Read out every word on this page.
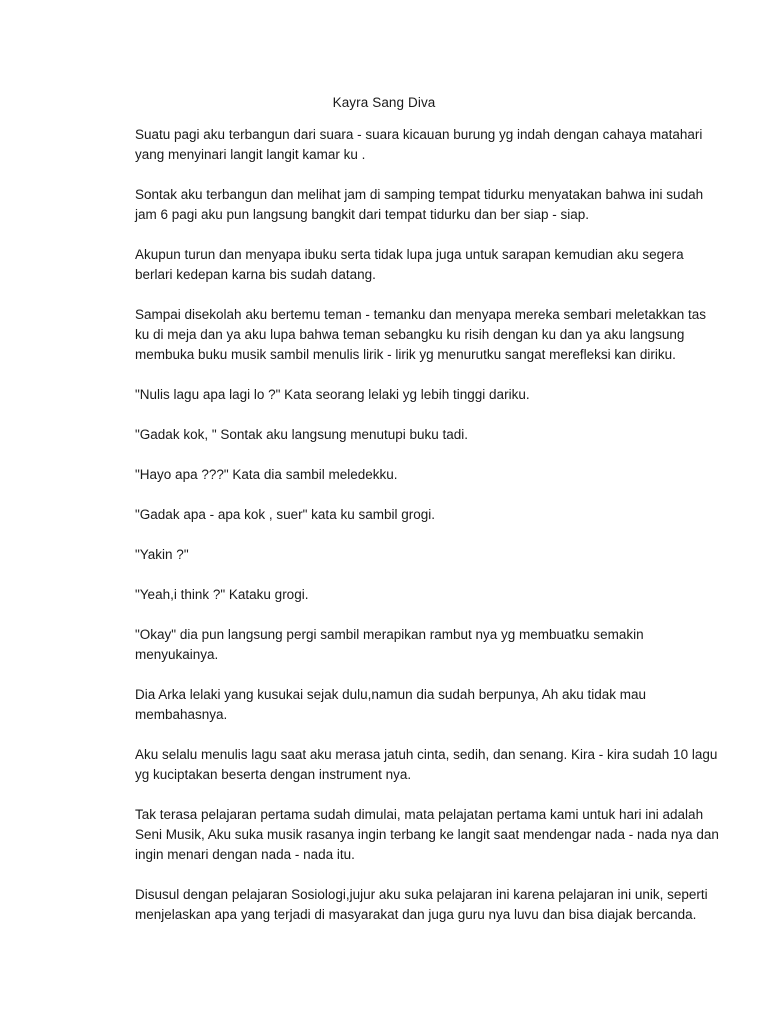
Kayra Sang Diva

Suatu pagi aku terbangun dari suara - suara kicauan burung yg indah dengan cahaya matahari
yang menyinari langit langit kamar ku .

Sontak aku terbangun dan melihat jam di samping tempat tidurku menyatakan bahwa ini sudah
jam 6 pagi aku pun langsung bangkit dari tempat tidurku dan ber siap - siap.

Akupun turun dan menyapa ibuku serta tidak lupa juga untuk sarapan kemudian aku segera
berlari kedepan karna bis sudah datang.

Sampai disekolah aku bertemu teman - temanku dan menyapa mereka sembari meletakkan tas
ku di meja dan ya aku lupa bahwa teman sebangku ku risih dengan ku dan ya aku langsung
membuka buku musik sambil menulis lirik - lirik yg menurutku sangat merefleksi kan diriku.

"Nulis lagu apa lagi lo ?" Kata seorang lelaki yg lebih tinggi dariku.

"Gadak kok, " Sontak aku langsung menutupi buku tadi.

"Hayo apa ???" Kata dia sambil meledekku.

"Gadak apa - apa kok , suer" kata ku sambil grogi.

"Yakin ?"

"Yeah,i think ?" Kataku grogi.

"Okay" dia pun langsung pergi sambil merapikan rambut nya yg membuatku semakin
menyukainya.

Dia Arka lelaki yang kusukai sejak dulu,namun dia sudah berpunya, Ah aku tidak mau
membahasnya.

Aku selalu menulis lagu saat aku merasa jatuh cinta, sedih, dan senang. Kira - kira sudah 10 lagu
yg kuciptakan beserta dengan instrument nya.

Tak terasa pelajaran pertama sudah dimulai, mata pelajatan pertama kami untuk hari ini adalah
Seni Musik, Aku suka musik rasanya ingin terbang ke langit saat mendengar nada - nada nya dan
ingin menari dengan nada - nada itu.

Disusul dengan pelajaran Sosiologi,jujur aku suka pelajaran ini karena pelajaran ini unik, seperti
menjelaskan apa yang terjadi di masyarakat dan juga guru nya luvu dan bisa diajak bercanda.
